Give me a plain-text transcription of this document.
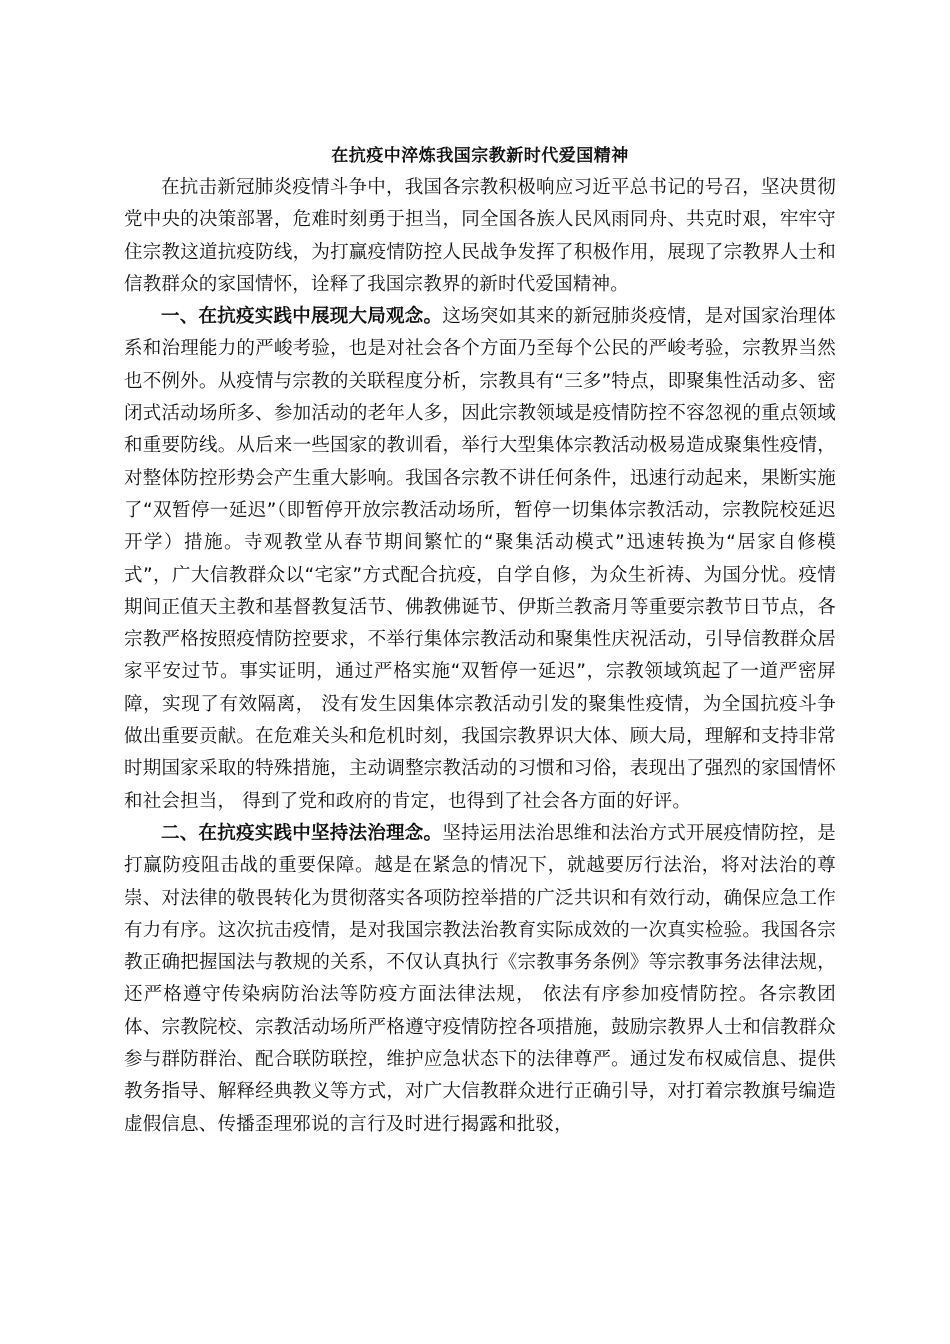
在抗疫中淬炼我国宗教新时代爱国精神

在抗击新冠肺炎疫情斗争中，我国各宗教积极响应习近平总书记的号召，坚决贯彻党中央的决策部署，危难时刻勇于担当，同全国各族人民风雨同舟、共克时艰，牢牢守住宗教这道抗疫防线，为打赢疫情防控人民战争发挥了积极作用，展现了宗教界人士和信教群众的家国情怀，诠释了我国宗教界的新时代爱国精神。

一、在抗疫实践中展现大局观念。这场突如其来的新冠肺炎疫情，是对国家治理体系和治理能力的严峻考验，也是对社会各个方面乃至每个公民的严峻考验，宗教界当然也不例外。从疫情与宗教的关联程度分析，宗教具有“三多”特点，即聚集性活动多、密闭式活动场所多、参加活动的老年人多，因此宗教领域是疫情防控不容忽视的重点领域和重要防线。从后来一些国家的教训看，举行大型集体宗教活动极易造成聚集性疫情，对整体防控形势会产生重大影响。我国各宗教不讲任何条件，迅速行动起来，果断实施了“双暂停一延迟”（即暂停开放宗教活动场所，暂停一切集体宗教活动，宗教院校延迟开学）措施。寺观教堂从春节期间繁忙的“聚集活动模式”迅速转换为“居家自修模式”，广大信教群众以“宅家”方式配合抗疫，自学自修，为众生祈祷、为国分忧。疫情期间正值天主教和基督教复活节、佛教佛诞节、伊斯兰教斋月等重要宗教节日节点，各宗教严格按照疫情防控要求，不举行集体宗教活动和聚集性庆祝活动，引导信教群众居家平安过节。事实证明，通过严格实施“双暂停一延迟”，宗教领域筑起了一道严密屏障，实现了有效隔离， 没有发生因集体宗教活动引发的聚集性疫情，为全国抗疫斗争做出重要贡献。在危难关头和危机时刻，我国宗教界识大体、顾大局，理解和支持非常时期国家采取的特殊措施，主动调整宗教活动的习惯和习俗，表现出了强烈的家国情怀和社会担当， 得到了党和政府的肯定，也得到了社会各方面的好评。

二、在抗疫实践中坚持法治理念。坚持运用法治思维和法治方式开展疫情防控，是打赢防疫阻击战的重要保障。越是在紧急的情况下，就越要厉行法治，将对法治的尊崇、对法律的敬畏转化为贯彻落实各项防控举措的广泛共识和有效行动，确保应急工作有力有序。这次抗击疫情，是对我国宗教法治教育实际成效的一次真实检验。我国各宗教正确把握国法与教规的关系，不仅认真执行《宗教事务条例》等宗教事务法律法规，还严格遵守传染病防治法等防疫方面法律法规， 依法有序参加疫情防控。各宗教团体、宗教院校、宗教活动场所严格遵守疫情防控各项措施，鼓励宗教界人士和信教群众参与群防群治、配合联防联控，维护应急状态下的法律尊严。通过发布权威信息、提供教务指导、解释经典教义等方式，对广大信教群众进行正确引导，对打着宗教旗号编造虚假信息、传播歪理邪说的言行及时进行揭露和批驳，
